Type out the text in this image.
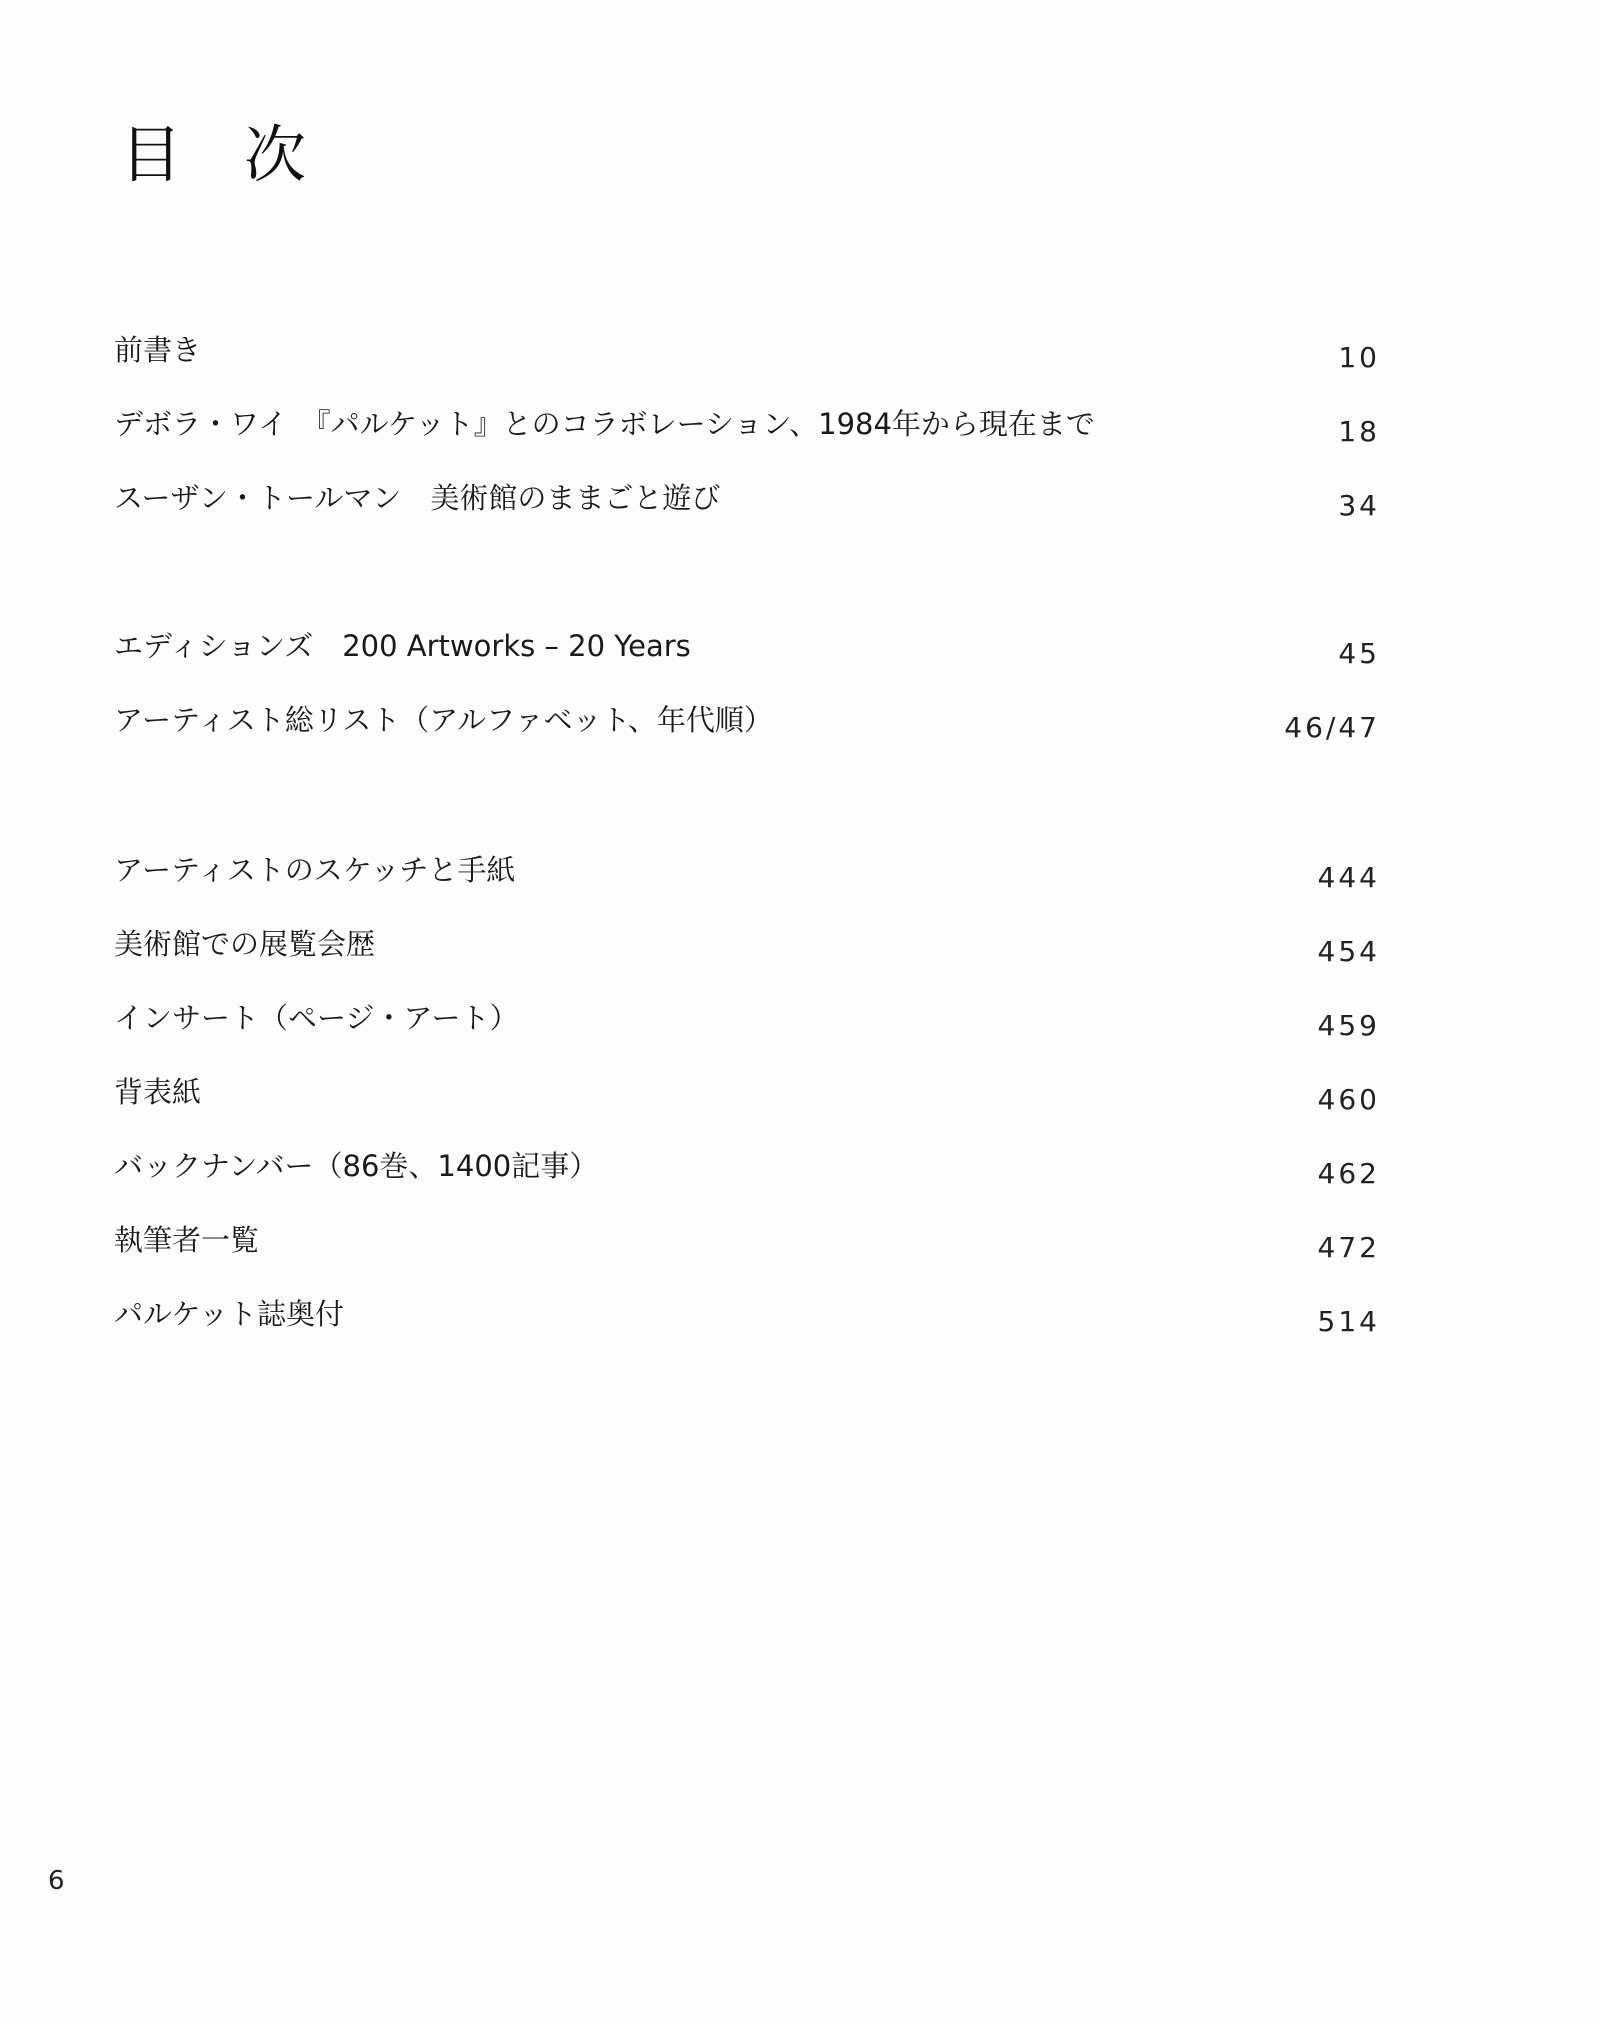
目次
前書き	10
デボラ・ワイ　『パルケット』とのコラボレーション、1984年から現在まで	18
スーザン・トールマン　美術館のままごと遊び	34
エディションズ　200 Artworks – 20 Years	45
アーティスト総リスト（アルファベット、年代順）	46/47
アーティストのスケッチと手紙	444
美術館での展覧会歴	454
インサート（ページ・アート）	459
背表紙	460
バックナンバー（86巻、1400記事）	462
執筆者一覧	472
パルケット誌奥付	514
6
